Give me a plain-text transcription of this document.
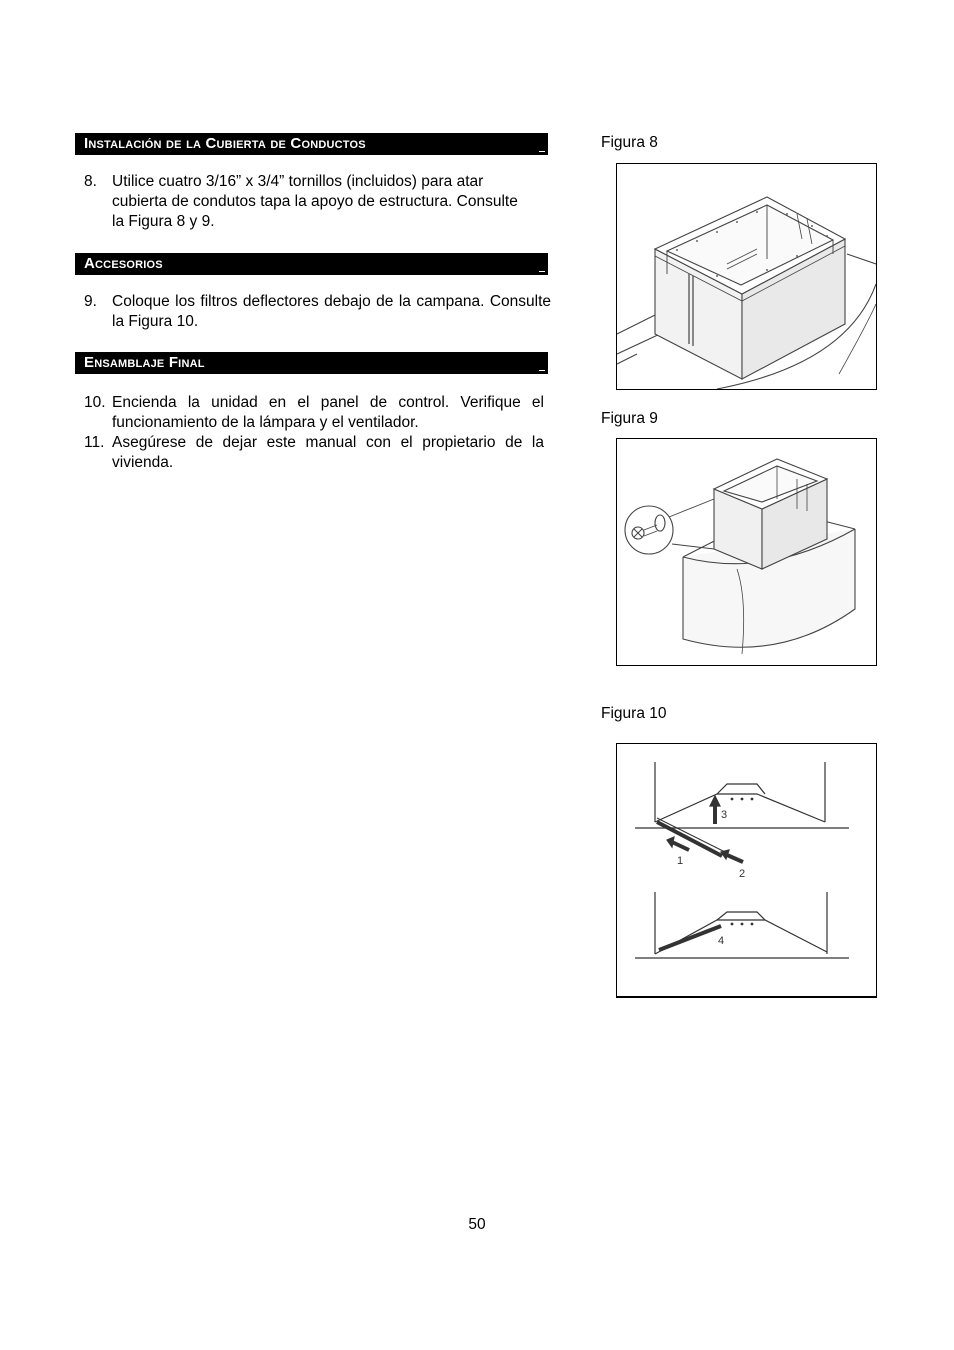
Instalación de la Cubierta de Conductos
8. Utilice cuatro 3/16” x 3/4” tornillos (incluidos) para atar cubierta de condutos tapa la apoyo de estructura. Consulte la Figura 8 y 9.
Accesorios
9. Coloque los filtros deflectores debajo de la campana. Consulte la Figura 10.
Ensamblaje Final
10. Encienda la unidad en el panel de control. Verifique el funcionamiento de la lámpara y el ventilador.
11. Asegúrese de dejar este manual con el propietario de la vivienda.
Figura 8
Figura 9
Figura 10
3
1
2
4
50
